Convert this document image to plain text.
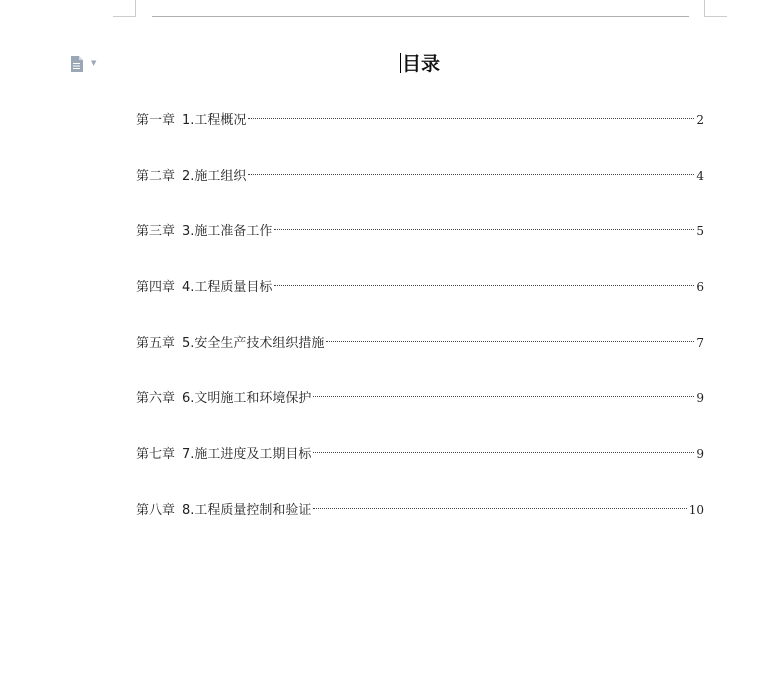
▼	目录
第一章 1.工程概况	2
第二章 2.施工组织	4
第三章 3.施工准备工作	5
第四章 4.工程质量目标	6
第五章 5.安全生产技术组织措施	7
第六章 6.文明施工和环境保护	9
第七章 7.施工进度及工期目标	9
第八章 8.工程质量控制和验证	10
